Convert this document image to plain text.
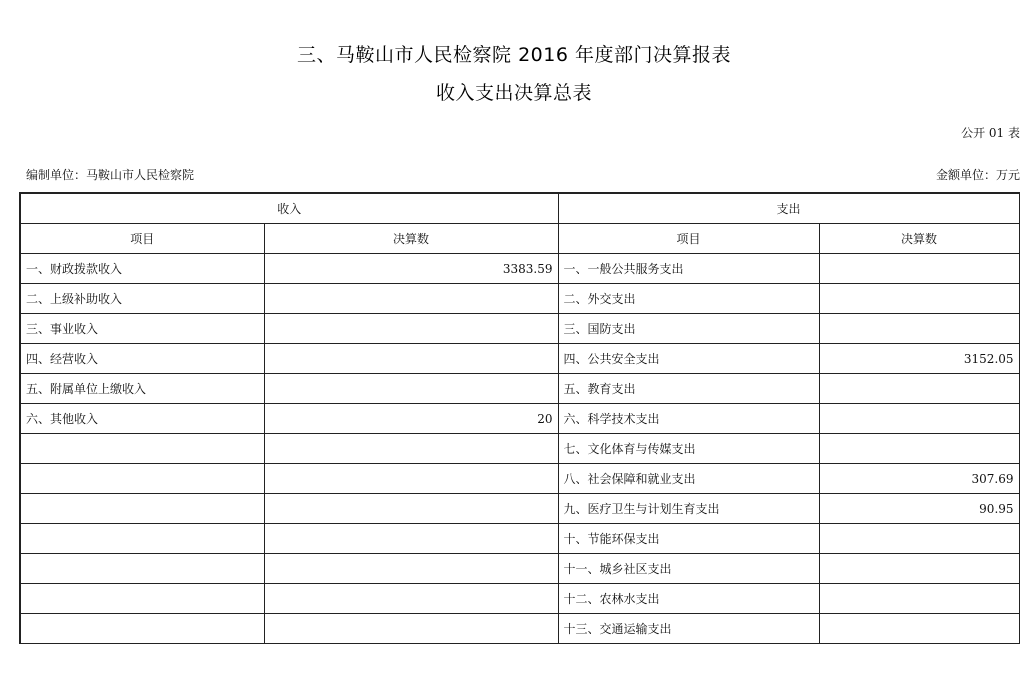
三、马鞍山市人民检察院 2016 年度部门决算报表
收入支出决算总表
公开 01 表
编制单位：马鞍山市人民检察院	金额单位：万元
收入		支出	
项目	决算数	项目	决算数
一、财政拨款收入	3383.59	一、一般公共服务支出	
二、上级补助收入		二、外交支出	
三、事业收入		三、国防支出	
四、经营收入		四、公共安全支出	3152.05
五、附属单位上缴收入		五、教育支出	
六、其他收入	20	六、科学技术支出	
		七、文化体育与传媒支出	
		八、社会保障和就业支出	307.69
		九、医疗卫生与计划生育支出	90.95
		十、节能环保支出	
		十一、城乡社区支出	
		十二、农林水支出	
		十三、交通运输支出	
